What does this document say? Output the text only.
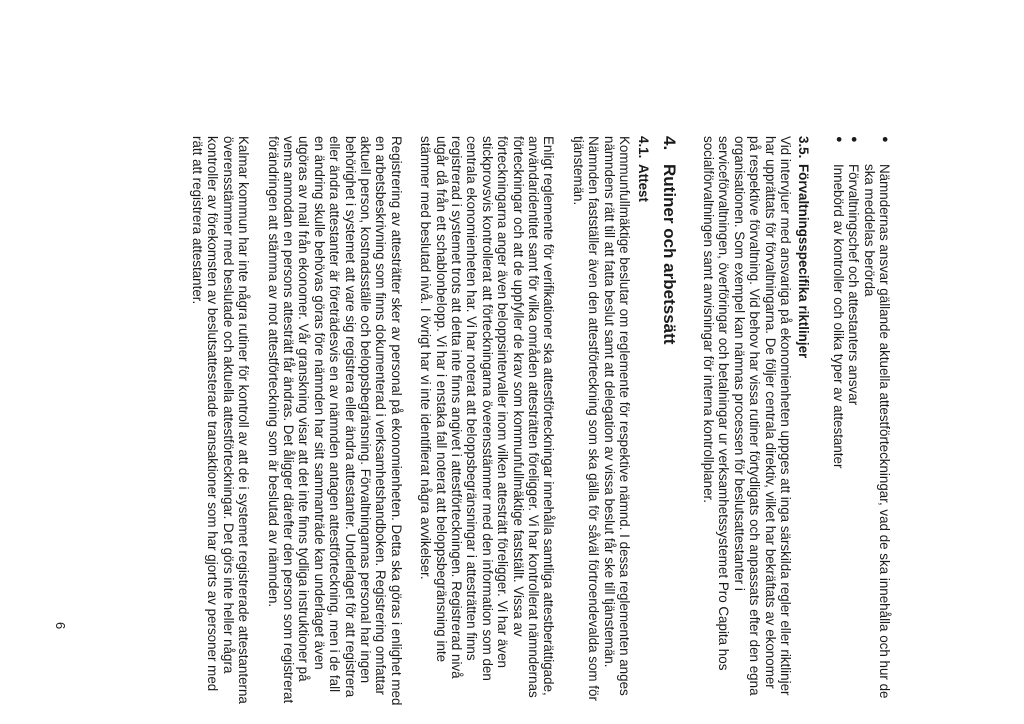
●
Nämndernas ansvar gällande aktuella attestförteckningar, vad de ska innehålla och hur de ska meddelas berörda
●
Förvaltningschef och attestanters ansvar
●
Innebörd av kontroller och olika typer av attestanter
3.5.Förvaltningsspecifika riktlinjer

Vid intervjuer med ansvariga på ekonomienheten uppges att inga särskilda regler eller riktlinjer har upprättats för förvaltningarna. De följer centrala direktiv, vilket har bekräftats av ekonomer på respektive förvaltning. Vid behov har vissa rutiner förtydligats och anpassats efter den egna organisationen. Som exempel kan nämnas processen för beslutsattestanter i serviceförvaltningen, överföringar och betalningar ur verksamhetssystemet Pro Capita hos socialförvaltningen samt anvisningar för interna kontrollplaner.

4.Rutiner och arbetssätt
4.1.Attest

Kommunfullmäktige beslutar om reglemente för respektive nämnd. I dessa reglementen anges nämndens rätt till att fatta beslut samt att delegation av vissa beslut får ske till tjänstemän. Nämnden fastställer även den attestförteckning som ska gälla för såväl förtroendevalda som för tjänstemän.

Enligt reglemente för verifikationer ska attestförteckningar innehålla samtliga attestberättigade, användaridentitet samt för vilka områden attesträtten föreligger. Vi har kontrollerat nämndernas förteckningar och att de uppfyller de krav som kommunfullmäktige fastställt. Vissa av förteckningarna anger även beloppsintervaller inom vilken attesträtt föreligger. Vi har även stickprovsvis kontrollerat att förteckningarna överensstämmer med den information som den centrala ekonomienheten har. Vi har noterat att beloppsbegränsningar i attesträtten finns registrerad i systemet trots att detta inte finns angivet i attestförteckningen. Registrerad nivå utgår då från ett schablonbelopp. Vi har i enstaka fall noterat att beloppsbegränsning inte stämmer med beslutad nivå. I övrigt har vi inte identifierat några avvikelser.

Registrering av attesträtter sker av personal på ekonomienheten. Detta ska göras i enlighet med en arbetsbeskrivning som finns dokumenterad i verksamhetshandboken. Registrering omfattar aktuell person, kostnadsställe och beloppsbegränsning. Förvaltningarnas personal har ingen behörighet i systemet att vare sig registrera eller ändra attestanter. Underlaget för att registrera eller ändra attestanter är företrädesvis en av nämnden antagen attestförteckning, men i de fall en ändring skulle behövas göras före nämnden har sitt sammanträde kan underlaget även utgöras av mail från ekonomer. Vår granskning visar att det inte finns tydliga instruktioner på vems anmodan en persons attesträtt får ändras. Det åligger därefter den person som registrerat förändringen att stämma av mot attestförteckning som är beslutad av nämnden.

Kalmar kommun har inte några rutiner för kontroll av att de i systemet registrerade attestanterna överensstämmer med beslutade och aktuella attestförteckningar. Det görs inte heller några kontroller av förekomsten av beslutsattesterade transaktioner som har gjorts av personer med rätt att registrera attestanter.

6
